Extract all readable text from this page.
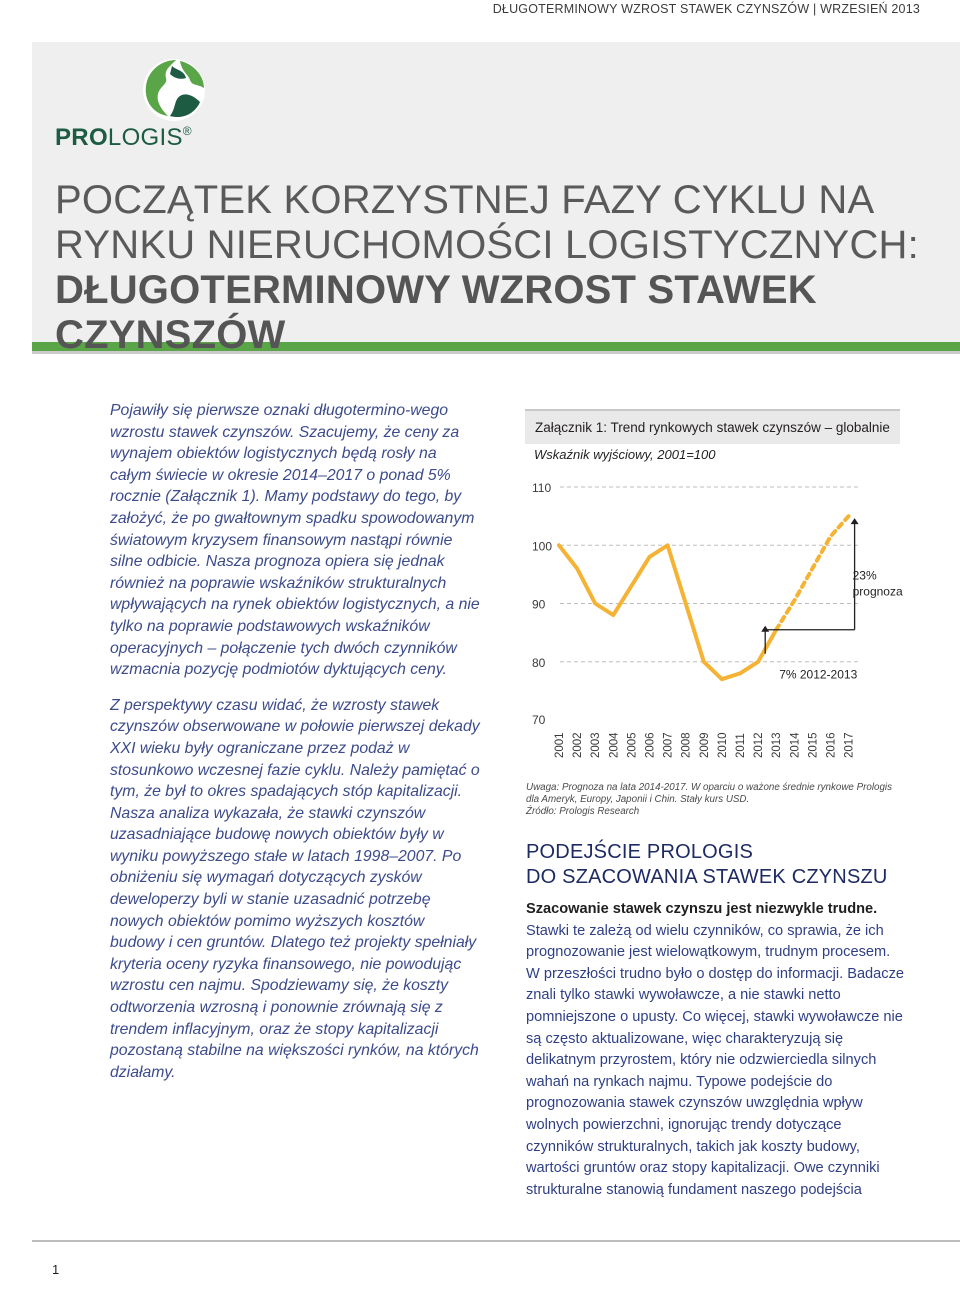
DŁUGOTERMINOWY WZROST STAWEK CZYNSZÓW | WRZESIEŃ 2013
PROLOGIS®
POCZĄTEK KORZYSTNEJ FAZY CYKLU NA
RYNKU NIERUCHOMOŚCI LOGISTYCZNYCH:
DŁUGOTERMINOWY WZROST STAWEK CZYNSZÓW

Pojawiły się pierwsze oznaki długotermino-wego wzrostu stawek czynszów. Szacujemy, że ceny za wynajem obiektów logistycznych będą rosły na całym świecie w okresie 2014–2017 o ponad 5% rocznie (Załącznik 1). Mamy podstawy do tego, by założyć, że po gwałtownym spadku spowodowanym światowym kryzysem finansowym nastąpi równie silne odbicie. Nasza prognoza opiera się jednak również na poprawie wskaźników strukturalnych wpływających na rynek obiektów logistycznych, a nie tylko na poprawie podstawowych wskaźników operacyjnych – połączenie tych dwóch czynników wzmacnia pozycję podmiotów dyktujących ceny.

Z perspektywy czasu widać, że wzrosty stawek czynszów obserwowane w połowie pierwszej dekady XXI wieku były ograniczane przez podaż w stosunkowo wczesnej fazie cyklu. Należy pamiętać o tym, że był to okres spadających stóp kapitalizacji. Nasza analiza wykazała, że stawki czynszów uzasadniające budowę nowych obiektów były w wyniku powyższego stałe w latach 1998–2007. Po obniżeniu się wymagań dotyczących zysków deweloperzy byli w stanie uzasadnić potrzebę nowych obiektów pomimo wyższych kosztów budowy i cen gruntów. Dlatego też projekty spełniały kryteria oceny ryzyka finansowego, nie powodując wzrostu cen najmu. Spodziewamy się, że koszty odtworzenia wzrosną i ponownie zrównają się z trendem inflacyjnym, oraz że stopy kapitalizacji pozostaną stabilne na większości rynków, na których działamy.

Załącznik 1: Trend rynkowych stawek czynszów – globalnie
Wskaźnik wyjściowy, 2001=100
70
80
90
100
110
2001 2002 2003 2004 2005 2006 2007 2008 2009 2010 2011 2012 2013 2014 2015 2016 2017
7% 2012-2013
23%
prognoza
Uwaga: Prognoza na lata 2014-2017. W oparciu o ważone średnie rynkowe Prologis
dla Ameryk, Europy, Japonii i Chin. Stały kurs USD.
Źródło: Prologis Research
PODEJŚCIE PROLOGIS
DO SZACOWANIA STAWEK CZYNSZU
Szacowanie stawek czynszu jest niezwykle trudne.
Stawki te zależą od wielu czynników, co sprawia, że ich prognozowanie jest wielowątkowym, trudnym procesem. W przeszłości trudno było o dostęp do informacji. Badacze znali tylko stawki wywoławcze, a nie stawki netto pomniejszone o upusty. Co więcej, stawki wywoławcze nie są często aktualizowane, więc charakteryzują się delikatnym przyrostem, który nie odzwierciedla silnych wahań na rynkach najmu. Typowe podejście do prognozowania stawek czynszów uwzględnia wpływ wolnych powierzchni, ignorując trendy dotyczące czynników strukturalnych, takich jak koszty budowy, wartości gruntów oraz stopy kapitalizacji. Owe czynniki strukturalne stanowią fundament naszego podejścia
1
